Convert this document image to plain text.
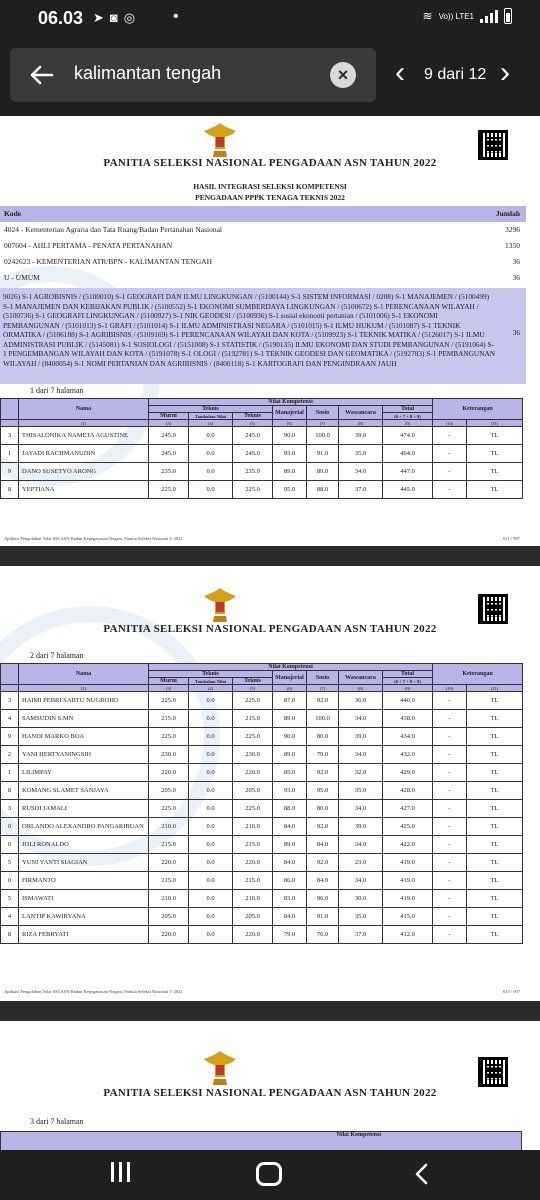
06.03 ➤◙◎ •	≋ Vo)) LTE1
kalimantan tengah	×	‹	9 dari 12 ›
PANITIA SELEKSI NASIONAL PENGADAAN ASN TAHUN 2022
HASIL INTEGRASI SELEKSI KOMPETENSI
PENGADAAN PPPK TENAGA TEKNIS 2022
Kode	Jumlah
4024 - Kementerian Agraria dan Tata Ruang/Badan Pertanahan Nasional	3296
007604 - AHLI PERTAMA - PENATA PERTANAHAN	1350
0242623 - KEMENTERIAN ATR/BPN - KALIMANTAN TENGAH	36
U - UMUM	36
9026) S-1 AGROBISNIS / (5100010) S-1 GEOGRAFI DAN ILMU LINGKUNGAN / (5100144) S-1 SISTEM INFORMASI / 0208) S-1 MANAJEMEN / (5100499) S-1 MANAJEMEN DAN KEBIJAKAN PUBLIK / (5100552) S-1 EKONOMI SUMBERDAYA LINGKUNGAN / (5100672) S-1 PERENCANAAN WILAYAH / (5100736) S-1 GEOGRAFI LINGKUNGAN / (5100927) S-1 NIK GEODESI / (5100936) S-1 sosial ekonomi pertanian / (5101006) S-1 EKONOMI PEMBANGUNAN / (5101013) S-1 GRAFI / (5101014) S-1 ILMU ADMINISTRASI NEGARA / (5101015) S-1 ILMU HUKUM / (5101087) S-1 TEKNIK ORMATIKA / (5106188) S-1 AGRIBISNIS / (5109169) S-1 PERENCANAAN WILAYAH DAN KOTA / (5109923) S-1 TEKNIK MATIKA / (5126017) S-1 ILMU ADMINISTRASI PUBLIK / (5145081) S-1 SOSIOLOGI / (5151008) S-1 STATISTIK / (5190135) ILMU EKONOMI DAN STUDI PEMBANGUNAN / (5191064) S-1 PENGEMBANGAN WILAYAH DAN KOTA / (5191078) S-1 OLOGI / (5192781) S-1 TEKNIK GEODESI DAN GEOMATIKA / (5192783) S-1 PEMBANGUNAN WILAYAH / (8400054) S-1 NOMI PERTANIAN DAN AGRIBISNIS / (8400118) S-1 KARTOGRAFI DAN PENGINDRAAN JAUH
36
1 dari 7 halaman
	Nama	Nilai Kompetensi							Keterangan	
		Teknis			Manajerial	Sosio	Wawancara	Total		
		Murni	Tambahan Nilai	Teknis				(6 + 7 + 8 + 9)		
	(1)	(3)	(4)	(5)	(6)	(7)	(8)	(9)	(10)	(11)
3	THISALONIKA NAMETA AGUSTINE	245.0	0.0	245.0	90.0	100.0	39.0	474.0	-	TL
1	JAYADI RACHMANUDIN	245.0	0.0	245.0	93.0	91.0	35.0	464.0	-	TL
9	DANO SUSETYO ARONG	235.0	0.0	235.0	89.0	89.0	34.0	447.0	-	TL
8	YEPTIANA	225.0	0.0	225.0	95.0	88.0	37.0	445.0	-	TL
Aplikasi Pengolahan Nilai SSCASN Badan Kepegawaian Negara, Panitia Seleksi Nasional © 2022	611 / 907
PANITIA SELEKSI NASIONAL PENGADAAN ASN TAHUN 2022
2 dari 7 halaman
	Nama	Nilai Kompetensi							Keterangan	
		Teknis			Manajerial	Sosio	Wawancara	Total		
		Murni	Tambahan Nilai	Teknis				(6 + 7 + 8 + 9)		
	(1)	(3)	(4)	(5)	(6)	(7)	(8)	(9)	(10)	(11)
3	HAIMI PEBRI SABTU NUGROHO	225.0	0.0	225.0	87.0	92.0	36.0	440.0	-	TL
4	SAMSUDIN S.MN	215.0	0.0	215.0	89.0	100.0	34.0	438.0	-	TL
9	HANDI MARKO BOA	225.0	0.0	225.0	90.0	80.0	39.0	434.0	-	TL
2	YANI HERTYANINGSIH	230.0	0.0	230.0	89.0	79.0	34.0	432.0	-	TL
1	LILIMPAY	220.0	0.0	220.0	85.0	92.0	32.0	429.0	-	TL
8	KOMANG SLAMET SANJAYA	205.0	0.0	205.0	93.0	95.0	35.0	428.0	-	TL
3	RUSDI JAMALI	225.0	0.0	225.0	88.0	80.0	34.0	427.0	-	TL
0	ORLANDO ALEXANDRO PANGARIBUAN	210.0	0.0	210.0	84.0	92.0	39.0	425.0	-	TL
0	JOLI RONALDO	215.0	0.0	215.0	89.0	84.0	34.0	422.0	-	TL
5	YUNI YANTI SIAGIAN	220.0	0.0	220.0	84.0	92.0	23.0	419.0	-	TL
0	FIRMANTO	215.0	0.0	215.0	86.0	84.0	34.0	419.0	-	TL
5	ISMAWATI	210.0	0.0	210.0	83.0	96.0	30.0	419.0	-	TL
4	LANTIP KAWIRYANA	205.0	0.0	205.0	84.0	91.0	35.0	415.0	-	TL
8	RIZA FEBRYATI	220.0	0.0	220.0	79.0	76.0	37.0	412.0	-	TL
Aplikasi Pengolahan Nilai SSCASN Badan Kepegawaian Negara, Panitia Seleksi Nasional © 2022	615 / 907
PANITIA SELEKSI NASIONAL PENGADAAN ASN TAHUN 2022
3 dari 7 halaman
Nilai Kompetensi
